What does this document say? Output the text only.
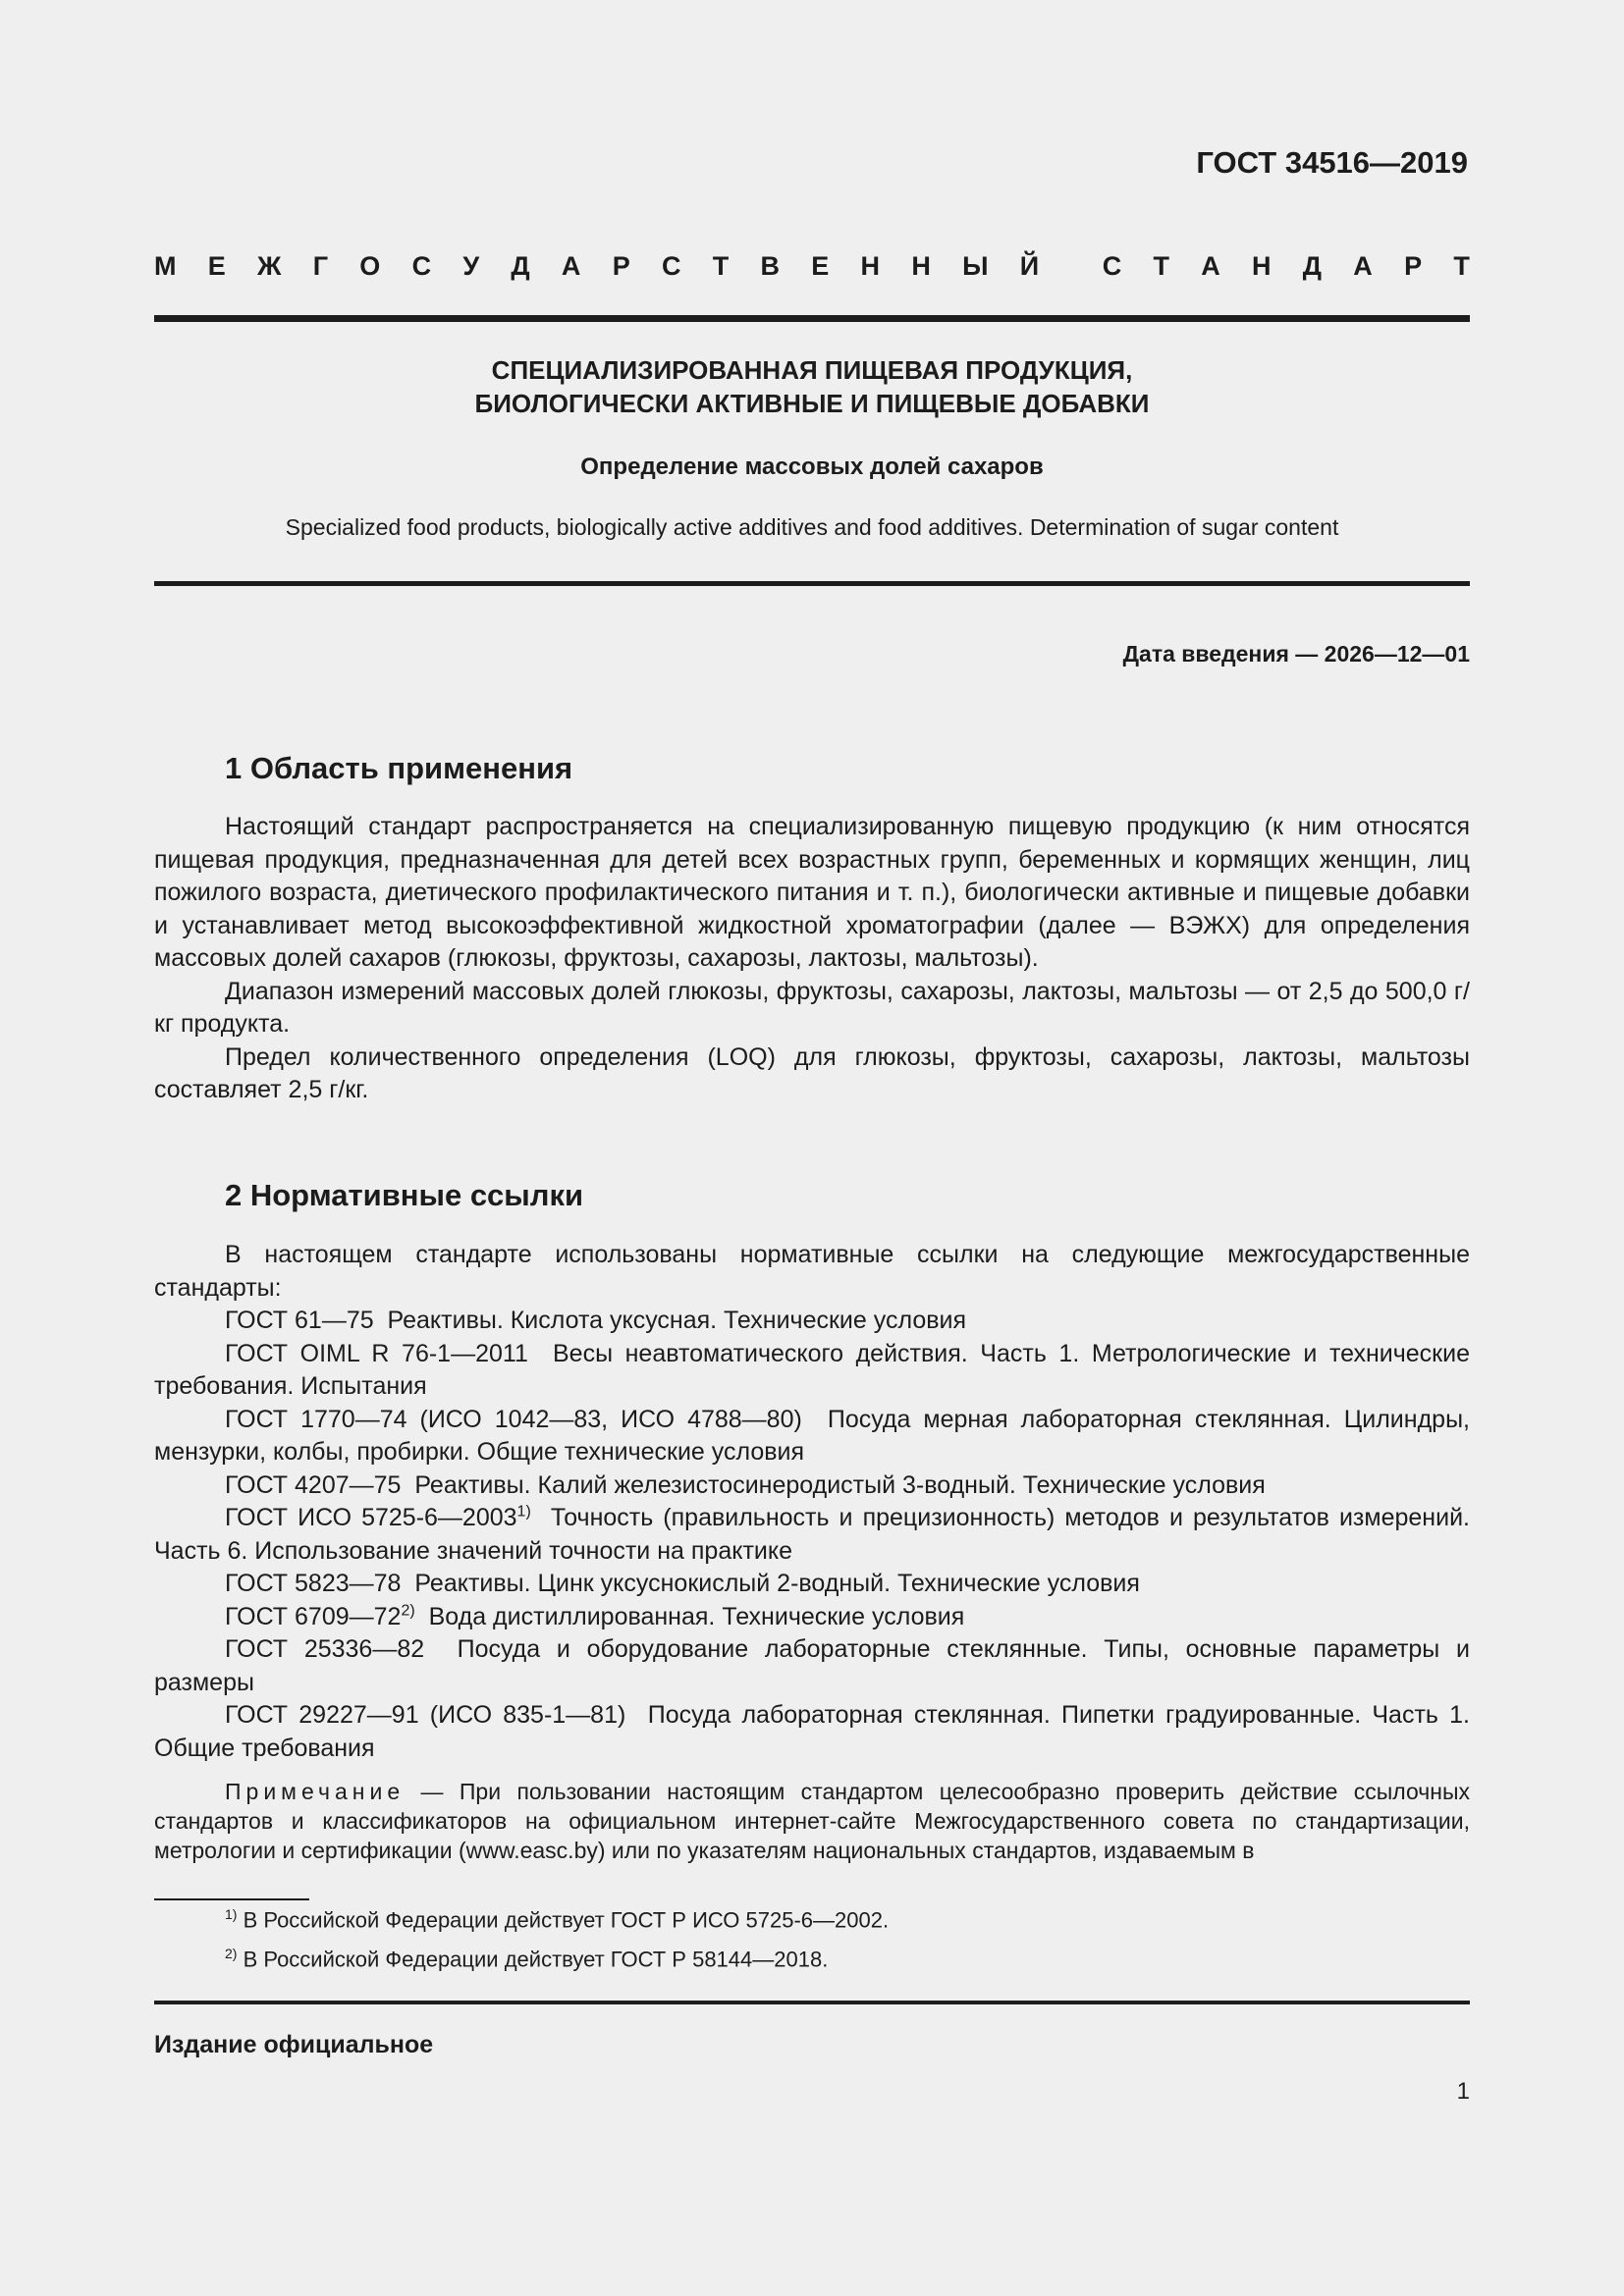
ГОСТ 34516—2019
М Е Ж Г О С У Д А Р С Т В Е Н Н Ы Й С Т А Н Д А Р Т
СПЕЦИАЛИЗИРОВАННАЯ ПИЩЕВАЯ ПРОДУКЦИЯ,
БИОЛОГИЧЕСКИ АКТИВНЫЕ И ПИЩЕВЫЕ ДОБАВКИ
Определение массовых долей сахаров
Specialized food products, biologically active additives and food additives. Determination of sugar content
Дата введения — 2026—12—01
1 Область применения

Настоящий стандарт распространяется на специализированную пищевую продукцию (к ним относятся пищевая продукция, предназначенная для детей всех возрастных групп, беременных и кормящих женщин, лиц пожилого возраста, диетического профилактического питания и т. п.), биологически активные и пищевые добавки и устанавливает метод высокоэффективной жидкостной хроматографии (далее — ВЭЖХ) для определения массовых долей сахаров (глюкозы, фруктозы, сахарозы, лактозы, мальтозы).

Диапазон измерений массовых долей глюкозы, фруктозы, сахарозы, лактозы, мальтозы — от 2,5 до 500,0 г/кг продукта.

Предел количественного определения (LOQ) для глюкозы, фруктозы, сахарозы, лактозы, мальтозы составляет 2,5 г/кг.

2 Нормативные ссылки

В настоящем стандарте использованы нормативные ссылки на следующие межгосударственные стандарты:

ГОСТ 61—75 Реактивы. Кислота уксусная. Технические условия

ГОСТ OIML R 76-1—2011 Весы неавтоматического действия. Часть 1. Метрологические и технические требования. Испытания

ГОСТ 1770—74 (ИСО 1042—83, ИСО 4788—80) Посуда мерная лабораторная стеклянная. Цилиндры, мензурки, колбы, пробирки. Общие технические условия

ГОСТ 4207—75 Реактивы. Калий железистосинеродистый 3-водный. Технические условия

ГОСТ ИСО 5725-6—2003$^{1)}$ Точность (правильность и прецизионность) методов и результатов измерений. Часть 6. Использование значений точности на практике

ГОСТ 5823—78 Реактивы. Цинк уксуснокислый 2-водный. Технические условия

ГОСТ 6709—72$^{2)}$ Вода дистиллированная. Технические условия

ГОСТ 25336—82 Посуда и оборудование лабораторные стеклянные. Типы, основные параметры и размеры

ГОСТ 29227—91 (ИСО 835-1—81) Посуда лабораторная стеклянная. Пипетки градуированные. Часть 1. Общие требования

Примечание — При пользовании настоящим стандартом целесообразно проверить действие ссылочных стандартов и классификаторов на официальном интернет-сайте Межгосударственного совета по стандартизации, метрологии и сертификации (www.easc.by) или по указателям национальных стандартов, издаваемым в

$^{1)}$ В Российской Федерации действует ГОСТ Р ИСО 5725-6—2002.
$^{2)}$ В Российской Федерации действует ГОСТ Р 58144—2018.
Издание официальное
1
